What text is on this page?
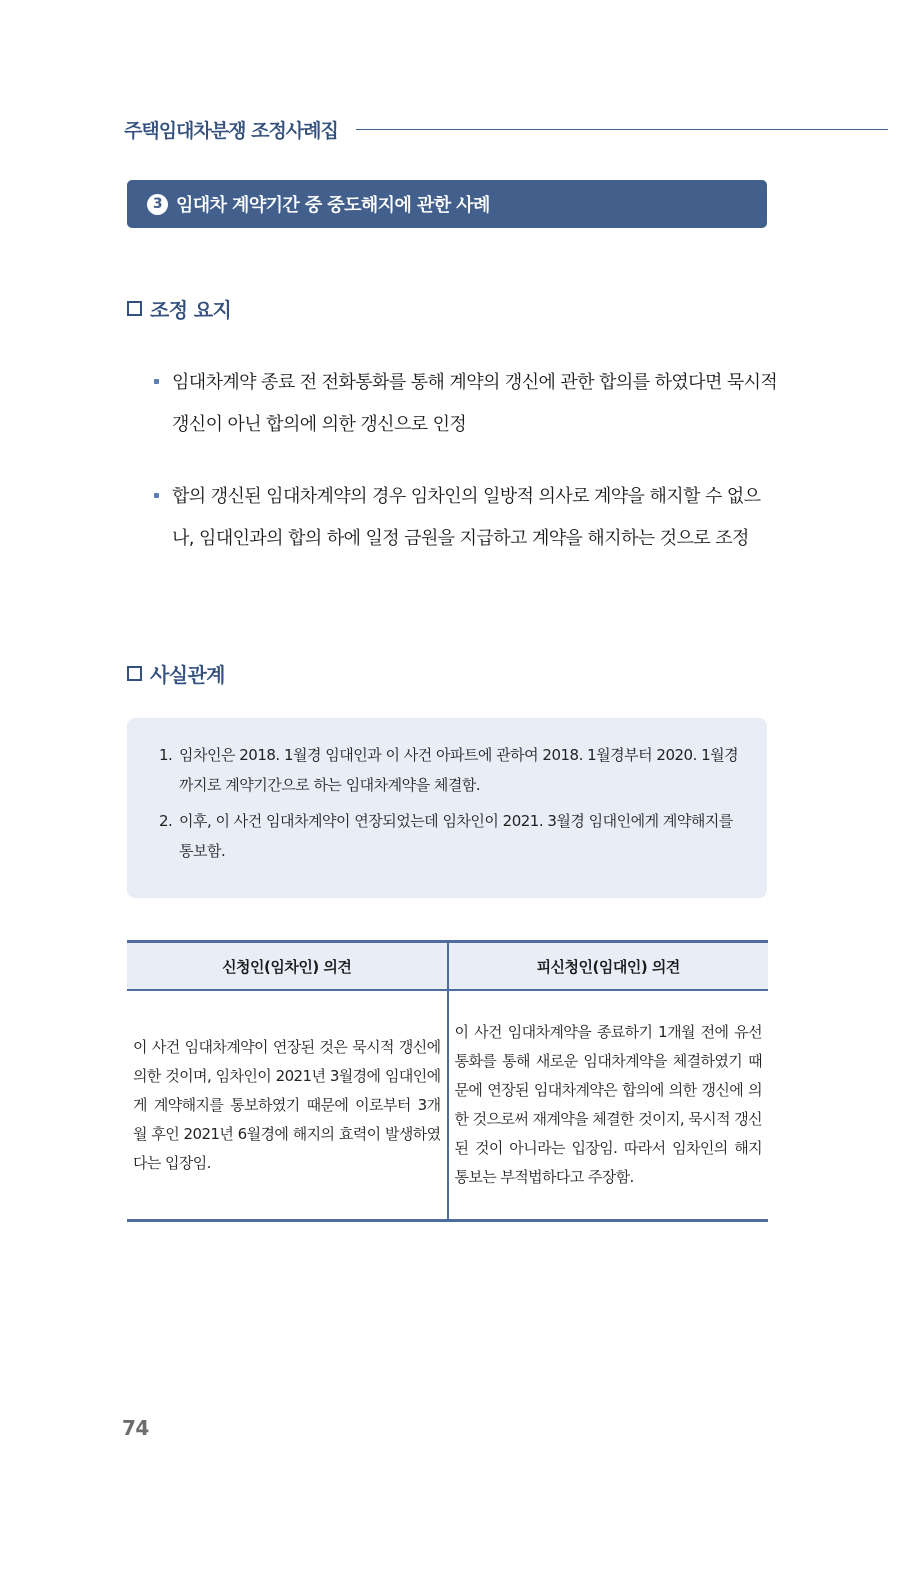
주택임대차분쟁 조정사례집
3 임대차 계약기간 중 중도해지에 관한 사례
조정 요지
임대차계약 종료 전 전화통화를 통해 계약의 갱신에 관한 합의를 하였다면 묵시적 갱신이 아닌 합의에 의한 갱신으로 인정
합의 갱신된 임대차계약의 경우 임차인의 일방적 의사로 계약을 해지할 수 없으나, 임대인과의 합의 하에 일정 금원을 지급하고 계약을 해지하는 것으로 조정
사실관계
1. 임차인은 2018. 1월경 임대인과 이 사건 아파트에 관하여 2018. 1월경부터 2020. 1월경까지로 계약기간으로 하는 임대차계약을 체결함.
2. 이후, 이 사건 임대차계약이 연장되었는데 임차인이 2021. 3월경 임대인에게 계약해지를 통보함.
신청인(임차인) 의견	피신청인(임대인) 의견
이 사건 임대차계약이 연장된 것은 묵시적 갱신에 의한 것이며, 임차인이 2021년 3월경에 임대인에게 계약해지를 통보하였기 때문에 이로부터 3개월 후인 2021년 6월경에 해지의 효력이 발생하였다는 입장임.	이 사건 임대차계약을 종료하기 1개월 전에 유선 통화를 통해 새로운 임대차계약을 체결하였기 때문에 연장된 임대차계약은 합의에 의한 갱신에 의한 것으로써 재계약을 체결한 것이지, 묵시적 갱신된 것이 아니라는 입장임. 따라서 임차인의 해지 통보는 부적법하다고 주장함.
74
